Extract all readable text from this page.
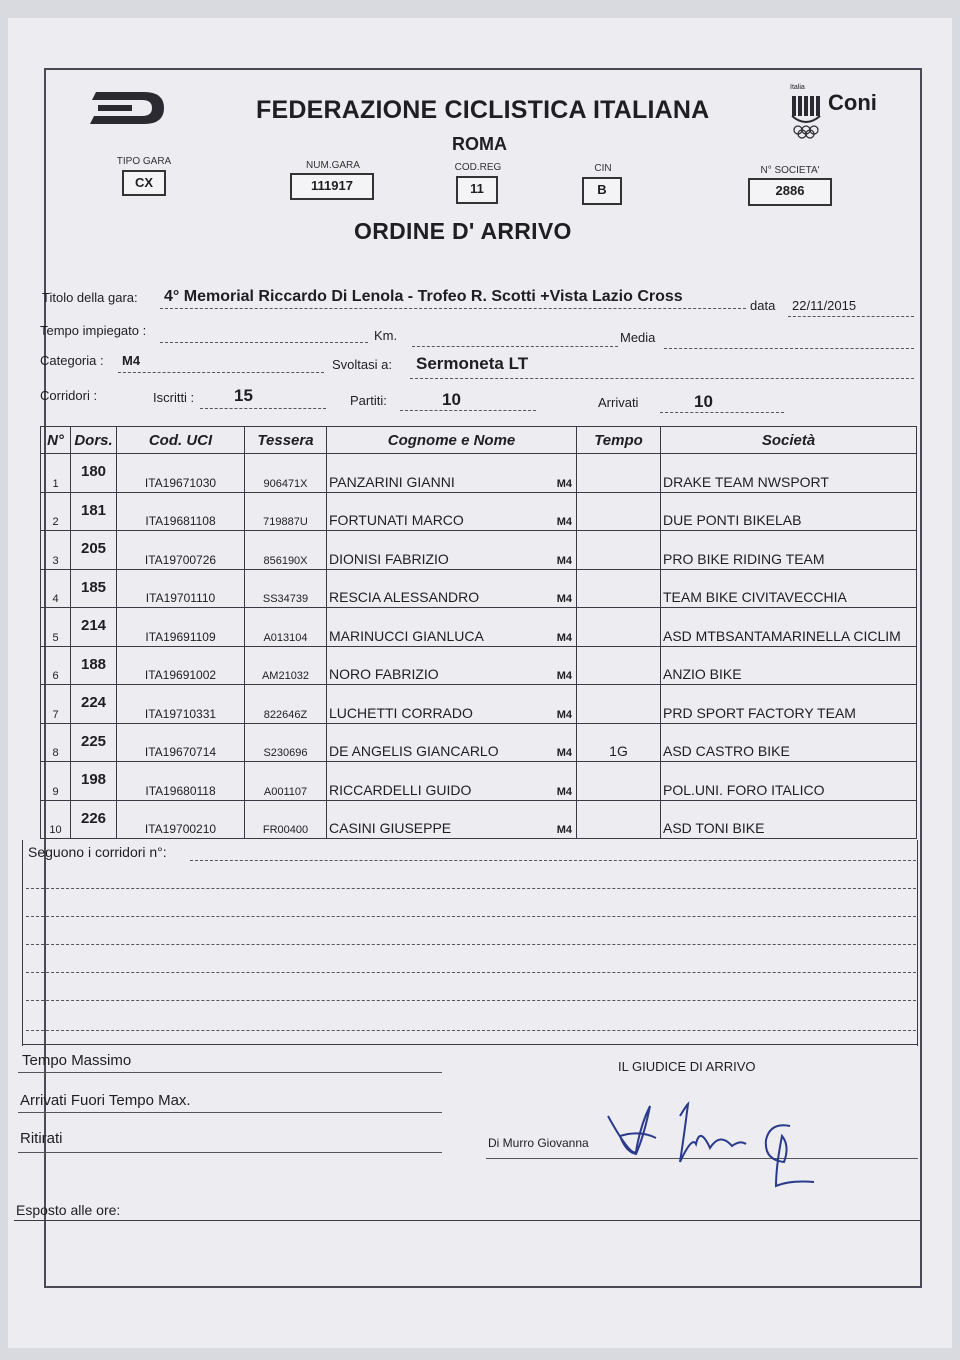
Italia
Coni
FEDERAZIONE CICLISTICA ITALIANA
ROMA
TIPO GARA
CX
NUM.GARA
111917
COD.REG
11
CIN
B
N° SOCIETA'
2886
ORDINE D' ARRIVO
Titolo della gara: 4° Memorial Riccardo Di Lenola - Trofeo R. Scotti +Vista Lazio Cross
data 22/11/2015
Tempo impiegato :	Km.	Media
Categoria : M4	Svoltasi a: Sermoneta LT
Corridori :	Iscritti : 15	Partiti:	10	Arrivati	10
N°	Dors.	Cod. UCI	Tessera	Cognome e Nome	Tempo	Società
1	180	ITA19671030	906471X	PANZARINI GIANNI M4		DRAKE TEAM NWSPORT
2	181	ITA19681108	719887U	FORTUNATI MARCO M4		DUE PONTI BIKELAB
3	205	ITA19700726	856190X	DIONISI FABRIZIO M4		PRO BIKE RIDING TEAM
4	185	ITA19701110	SS34739	RESCIA ALESSANDRO M4		TEAM BIKE CIVITAVECCHIA
5	214	ITA19691109	A013104	MARINUCCI GIANLUCA M4		ASD MTBSANTAMARINELLA CICLIM
6	188	ITA19691002	AM21032	NORO FABRIZIO M4		ANZIO BIKE
7	224	ITA19710331	822646Z	LUCHETTI CORRADO M4		PRD SPORT FACTORY TEAM
8	225	ITA19670714	S230696	DE ANGELIS GIANCARLO M4	1G	ASD CASTRO BIKE
9	198	ITA19680118	A001107	RICCARDELLI GUIDO M4		POL.UNI. FORO ITALICO
10	226	ITA19700210	FR00400	CASINI GIUSEPPE M4		ASD TONI BIKE
Seguono i corridori n°:
Tempo Massimo
Arrivati Fuori Tempo Max.
Ritirati
Esposto alle ore:
IL GIUDICE DI ARRIVO
Di Murro Giovanna
